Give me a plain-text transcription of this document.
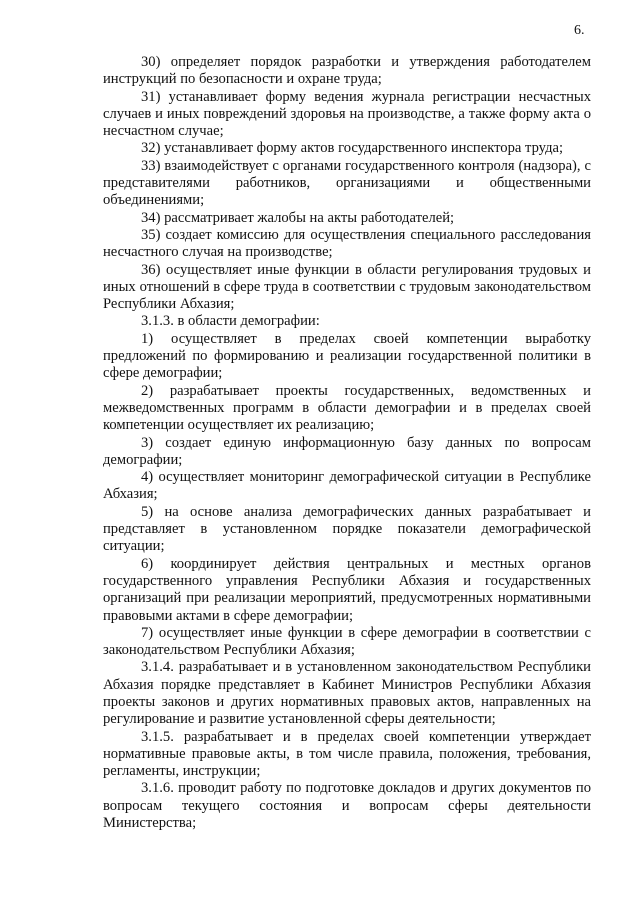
6.

30) определяет порядок разработки и утверждения работодателем инструкций по безопасности и охране труда;

31) устанавливает форму ведения журнала регистрации несчастных случаев и иных повреждений здоровья на производстве, а также форму акта о несчастном случае;

32) устанавливает форму актов государственного инспектора труда;

33) взаимодействует с органами государственного контроля (надзора), с представителями работников, организациями и общественными объединениями;

34) рассматривает жалобы на акты работодателей;

35) создает комиссию для осуществления специального расследования несчастного случая на производстве;

36) осуществляет иные функции в области регулирования трудовых и иных отношений в сфере труда в соответствии с трудовым законодательством Республики Абхазия;

3.1.3. в области демографии:

1) осуществляет в пределах своей компетенции выработку предложений по формированию и реализации государственной политики в сфере демографии;

2) разрабатывает проекты государственных, ведомственных и межведомственных программ в области демографии и в пределах своей компетенции осуществляет их реализацию;

3) создает единую информационную базу данных по вопросам демографии;

4) осуществляет мониторинг демографической ситуации в Республике Абхазия;

5) на основе анализа демографических данных разрабатывает и представляет в установленном порядке показатели демографической ситуации;

6) координирует действия центральных и местных органов государственного управления Республики Абхазия и государственных организаций при реализации мероприятий, предусмотренных нормативными правовыми актами в сфере демографии;

7) осуществляет иные функции в сфере демографии в соответствии с законодательством Республики Абхазия;

3.1.4. разрабатывает и в установленном законодательством Республики Абхазия порядке представляет в Кабинет Министров Республики Абхазия проекты законов и других нормативных правовых актов, направленных на регулирование и развитие установленной сферы деятельности;

3.1.5. разрабатывает и в пределах своей компетенции утверждает нормативные правовые акты, в том числе правила, положения, требования, регламенты, инструкции;

3.1.6. проводит работу по подготовке докладов и других документов по вопросам текущего состояния и вопросам сферы деятельности Министерства;
